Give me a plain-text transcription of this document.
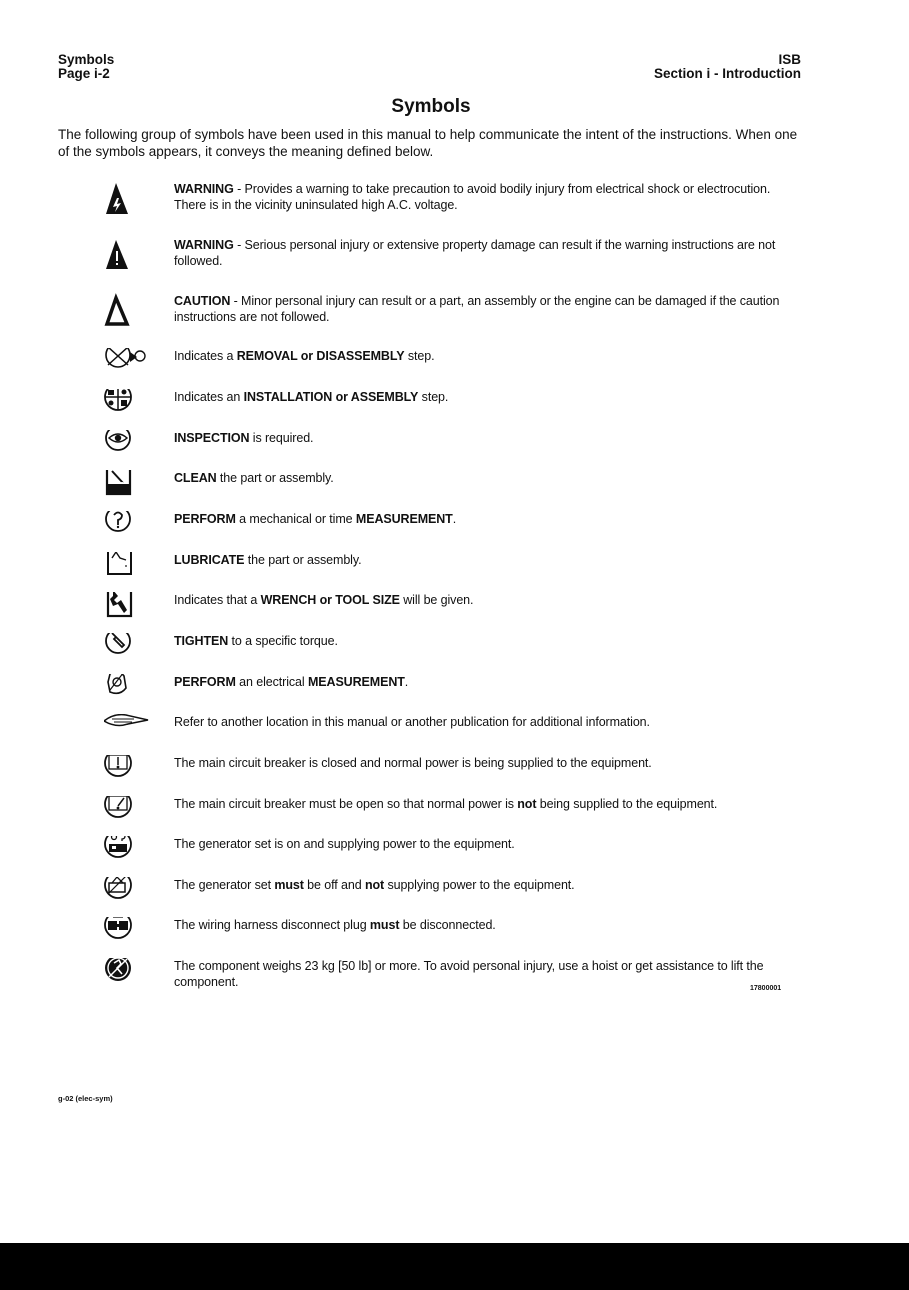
Symbols
Page i-2
ISB
Section i - Introduction
Symbols
The following group of symbols have been used in this manual to help communicate the intent of the instructions. When one of the symbols appears, it conveys the meaning defined below.
WARNING - Provides a warning to take precaution to avoid bodily injury from electrical shock or electrocution. There is in the vicinity uninsulated high A.C. voltage.
WARNING - Serious personal injury or extensive property damage can result if the warning instructions are not followed.
CAUTION - Minor personal injury can result or a part, an assembly or the engine can be damaged if the caution instructions are not followed.
Indicates a REMOVAL or DISASSEMBLY step.
Indicates an INSTALLATION or ASSEMBLY step.
INSPECTION is required.
CLEAN the part or assembly.
PERFORM a mechanical or time MEASUREMENT.
LUBRICATE the part or assembly.
Indicates that a WRENCH or TOOL SIZE will be given.
TIGHTEN to a specific torque.
PERFORM an electrical MEASUREMENT.
Refer to another location in this manual or another publication for additional information.
The main circuit breaker is closed and normal power is being supplied to the equipment.
The main circuit breaker must be open so that normal power is not being supplied to the equipment.
The generator set is on and supplying power to the equipment.
The generator set must be off and not supplying power to the equipment.
The wiring harness disconnect plug must be disconnected.
The component weighs 23 kg [50 lb] or more. To avoid personal injury, use a hoist or get assistance to lift the component.	17800001
g-02 (elec-sym)
